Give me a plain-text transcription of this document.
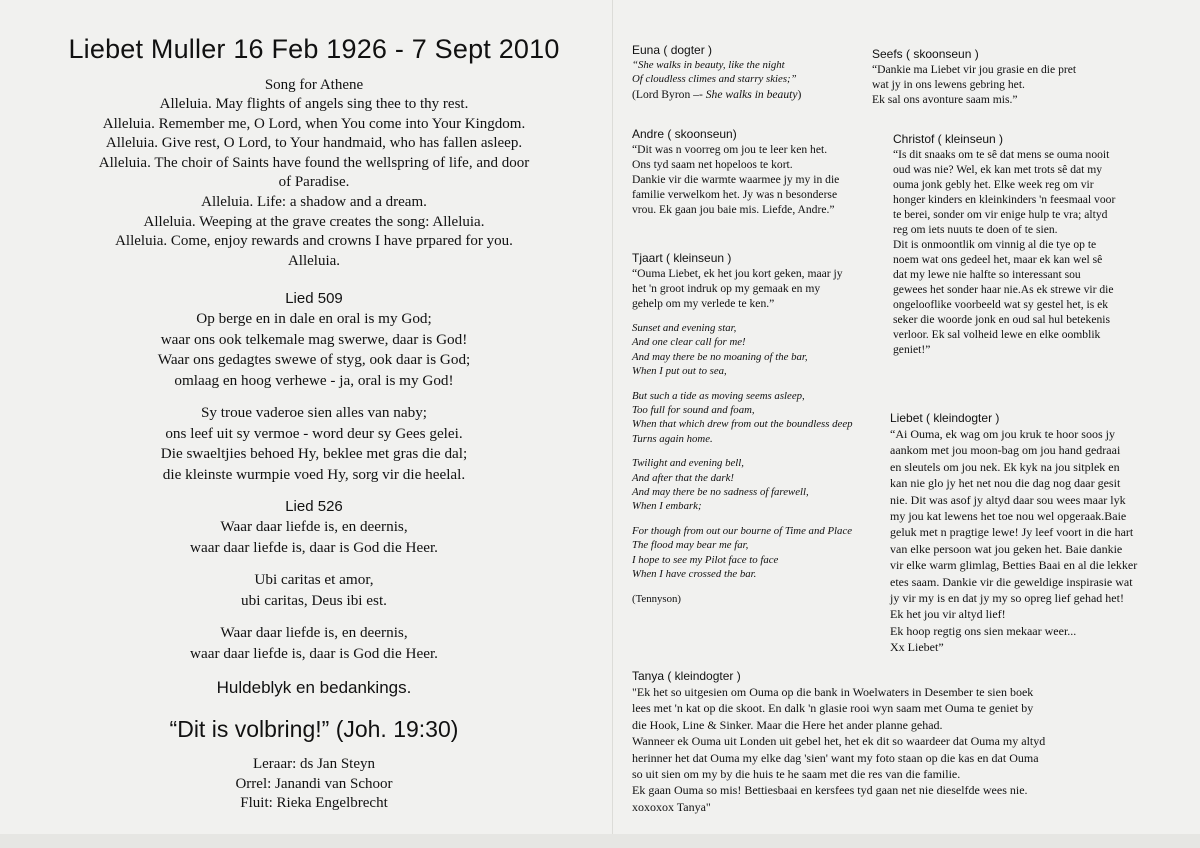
Liebet Muller 16 Feb 1926 - 7 Sept 2010
Song for Athene
Alleluia. May flights of angels sing thee to thy rest.
Alleluia. Remember me, O Lord, when You come into Your Kingdom.
Alleluia. Give rest, O Lord, to Your handmaid, who has fallen asleep.
Alleluia. The choir of Saints have found the wellspring of life, and door
of Paradise.
Alleluia. Life: a shadow and a dream.
Alleluia. Weeping at the grave creates the song: Alleluia.
Alleluia. Come, enjoy rewards and crowns I have prpared for you.
Alleluia.
Lied 509
Op berge en in dale en oral is my God;
waar ons ook telkemale mag swerwe, daar is God!
Waar ons gedagtes swewe of styg, ook daar is God;
omlaag en hoog verhewe - ja, oral is my God!
Sy troue vaderoe sien alles van naby;
ons leef uit sy vermoe - word deur sy Gees gelei.
Die swaeltjies behoed Hy, beklee met gras die dal;
die kleinste wurmpie voed Hy, sorg vir die heelal.
Lied 526
Waar daar liefde is, en deernis,
waar daar liefde is, daar is God die Heer.
Ubi caritas et amor,
ubi caritas, Deus ibi est.
Waar daar liefde is, en deernis,
waar daar liefde is, daar is God die Heer.
Huldeblyk en bedankings.
“Dit is volbring!” (Joh. 19:30)
Leraar: ds Jan Steyn
Orrel: Janandi van Schoor
Fluit: Rieka Engelbrecht
Euna ( dogter )
“She walks in beauty, like the night
Of cloudless climes and starry skies;”
(Lord Byron –- She walks in beauty)
Seefs ( skoonseun )
“Dankie ma Liebet vir jou grasie en die pret
wat jy in ons lewens gebring het.
Ek sal ons avonture saam mis.”
Andre ( skoonseun)
“Dit was n voorreg om jou te leer ken het.
Ons tyd saam net hopeloos te kort.
Dankie vir die warmte waarmee jy my in die
familie verwelkom het. Jy was n besonderse
vrou. Ek gaan jou baie mis. Liefde, Andre.”
Christof ( kleinseun )
“Is dit snaaks om te sê dat mens se ouma nooit
oud was nie? Wel, ek kan met trots sê dat my
ouma jonk gebly het. Elke week reg om vir
honger kinders en kleinkinders 'n feesmaal voor
te berei, sonder om vir enige hulp te vra; altyd
reg om iets nuuts te doen of te sien.
Dit is onmoontlik om vinnig al die tye op te
noem wat ons gedeel het, maar ek kan wel sê
dat my lewe nie halfte so interessant sou
gewees het sonder haar nie.As ek strewe vir die
ongelooflike voorbeeld wat sy gestel het, is ek
seker die woorde jonk en oud sal hul betekenis
verloor. Ek sal volheid lewe en elke oomblik
geniet!”
Tjaart ( kleinseun )
“Ouma Liebet, ek het jou kort geken, maar jy
het 'n groot indruk op my gemaak en my
gehelp om my verlede te ken.”
Sunset and evening star,
And one clear call for me!
And may there be no moaning of the bar,
When I put out to sea,
But such a tide as moving seems asleep,
Too full for sound and foam,
When that which drew from out the boundless deep
Turns again home.
Twilight and evening bell,
And after that the dark!
And may there be no sadness of farewell,
When I embark;
For though from out our bourne of Time and Place
The flood may bear me far,
I hope to see my Pilot face to face
When I have crossed the bar.
(Tennyson)
Liebet ( kleindogter )
“Ai Ouma, ek wag om jou kruk te hoor soos jy
aankom met jou moon-bag om jou hand gedraai
en sleutels om jou nek. Ek kyk na jou sitplek en
kan nie glo jy het net nou die dag nog daar gesit
nie. Dit was asof jy altyd daar sou wees maar lyk
my jou kat lewens het toe nou wel opgeraak.Baie
geluk met n pragtige lewe! Jy leef voort in die hart
van elke persoon wat jou geken het. Baie dankie
vir elke warm glimlag, Betties Baai en al die lekker
etes saam. Dankie vir die geweldige inspirasie wat
jy vir my is en dat jy my so opreg lief gehad het!
Ek het jou vir altyd lief!
Ek hoop regtig ons sien mekaar weer...
Xx Liebet”
Tanya ( kleindogter )
"Ek het so uitgesien om Ouma op die bank in Woelwaters in Desember te sien boek
lees met 'n kat op die skoot. En dalk 'n glasie rooi wyn saam met Ouma te geniet by
die Hook, Line & Sinker. Maar die Here het ander planne gehad.
Wanneer ek Ouma uit Londen uit gebel het, het ek dit so waardeer dat Ouma my altyd
herinner het dat Ouma my elke dag 'sien' want my foto staan op die kas en dat Ouma
so uit sien om my by die huis te he saam met die res van die familie.
Ek gaan Ouma so mis! Bettiesbaai en kersfees tyd gaan net nie dieselfde wees nie.
xoxoxox Tanya"
